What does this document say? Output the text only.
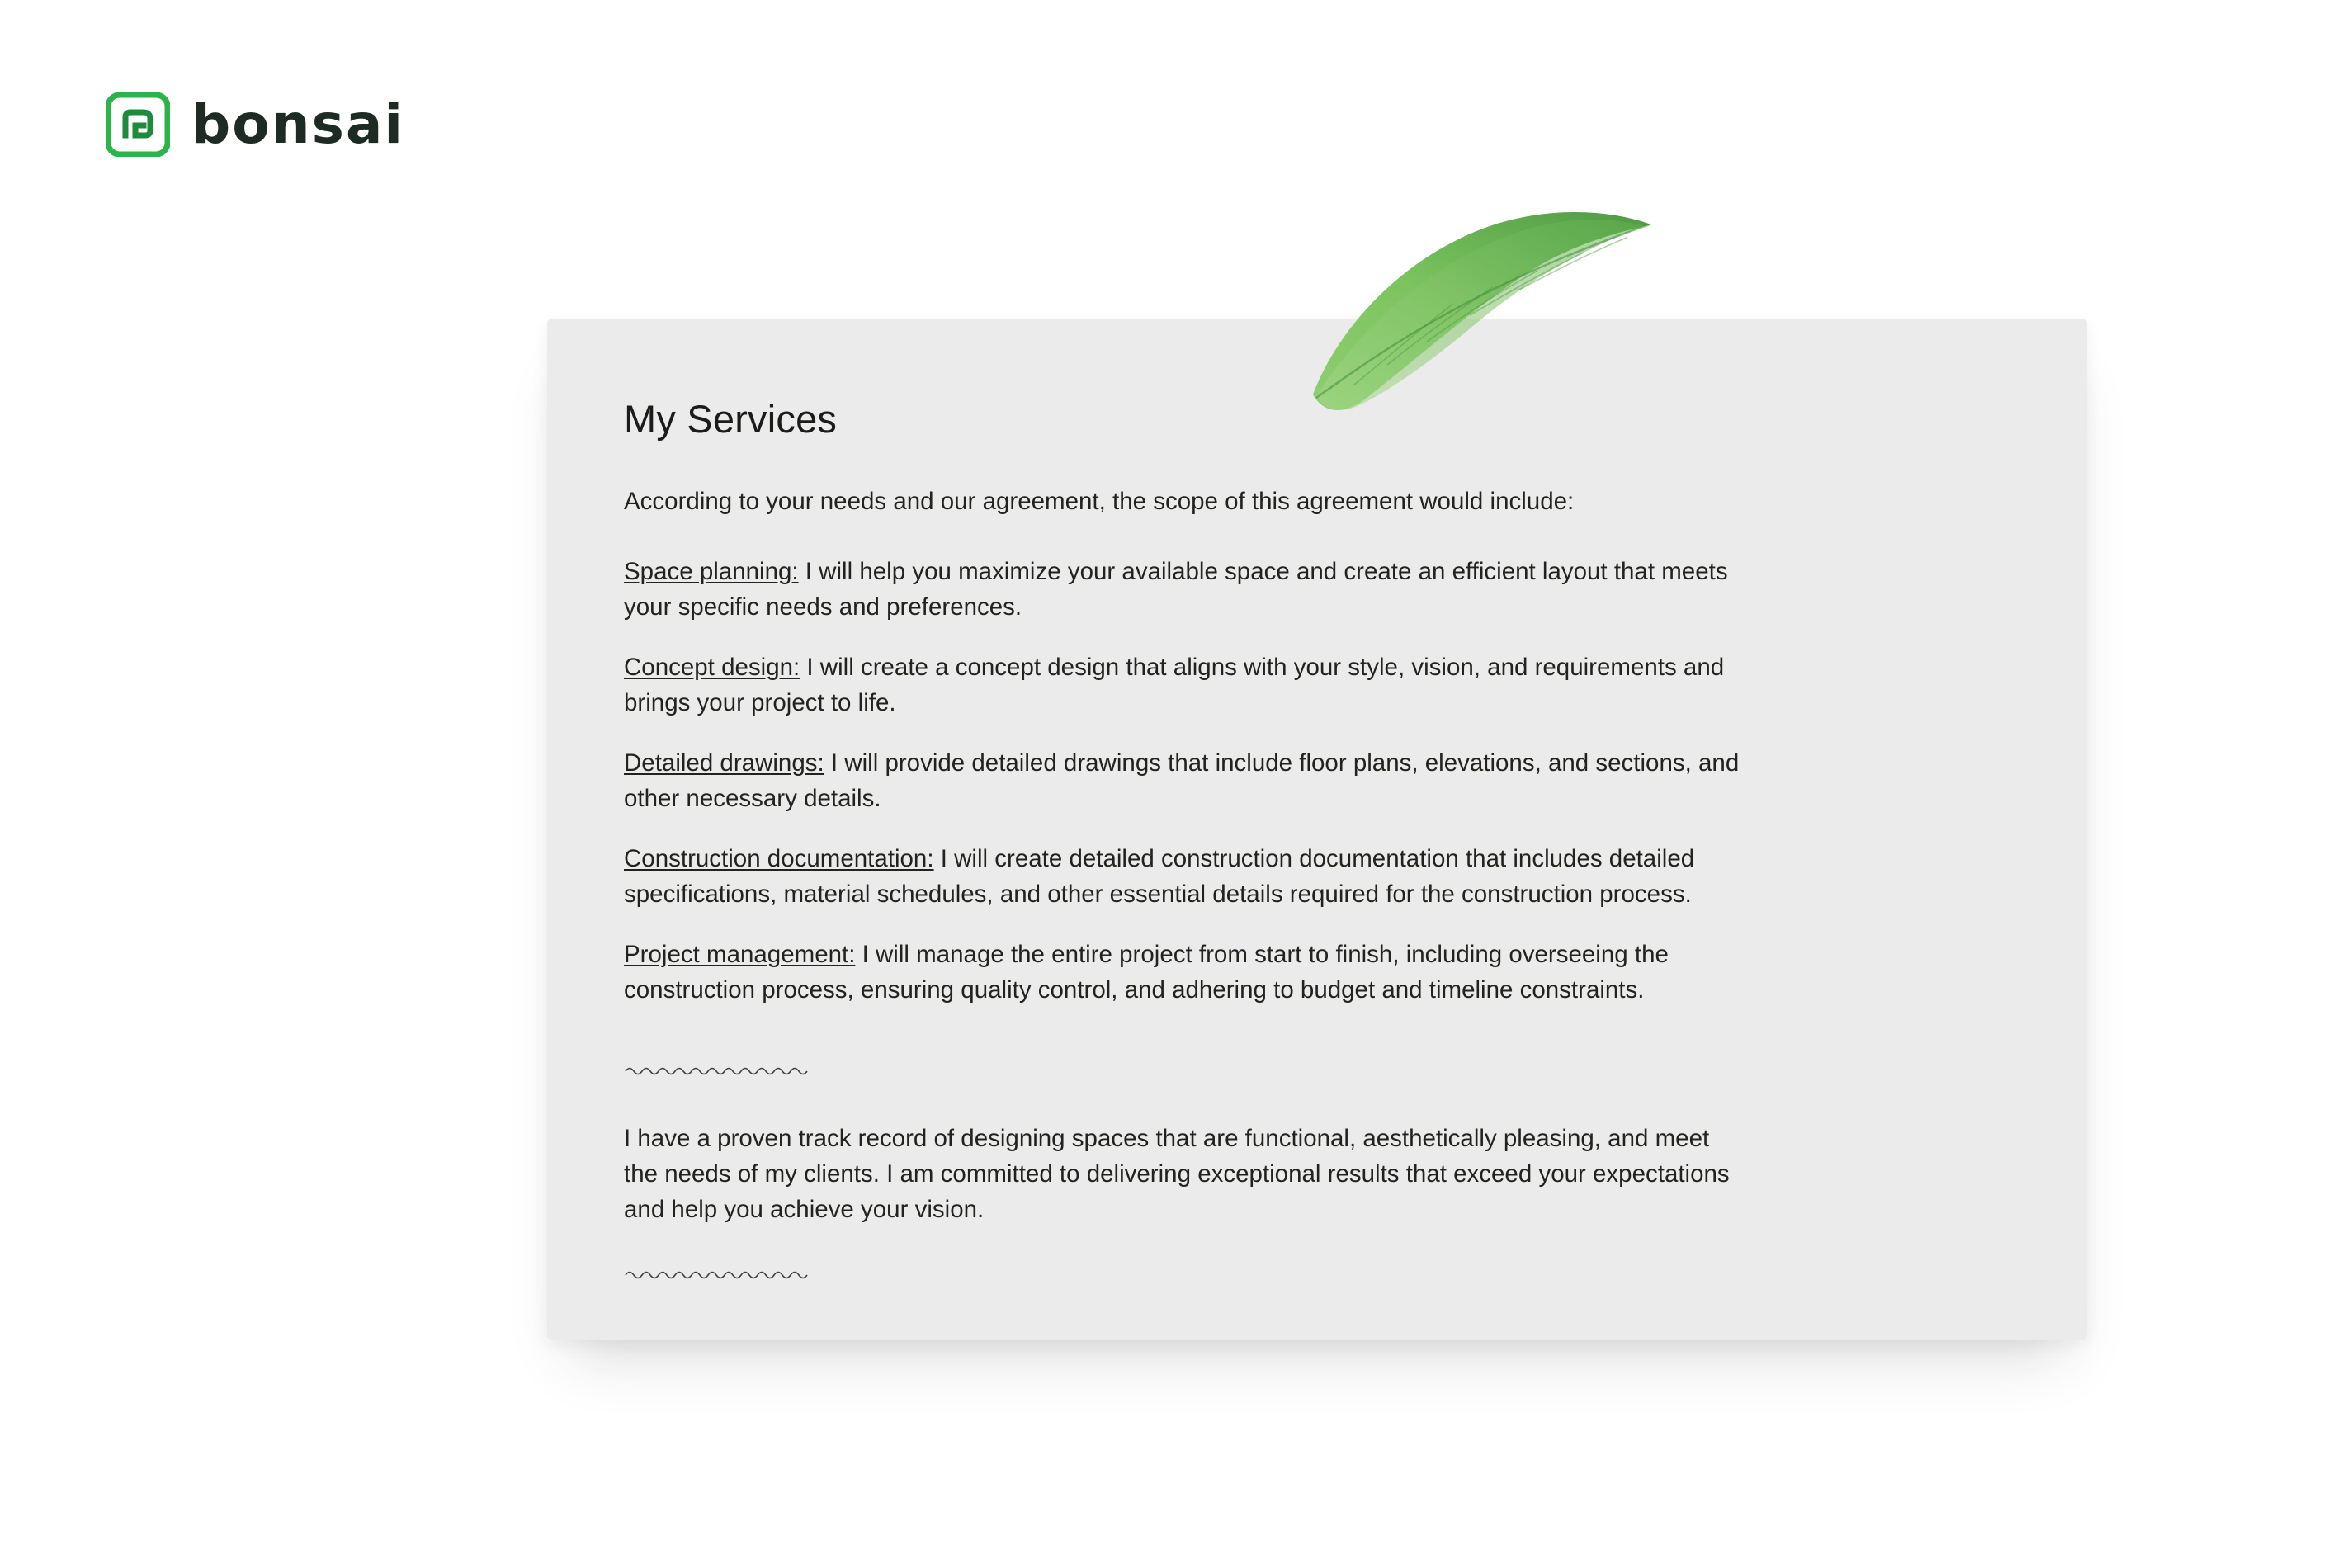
bonsai
My Services

According to your needs and our agreement, the scope of this agreement would include:

Space planning: I will help you maximize your available space and create an efficient layout that meets your specific needs and preferences.

Concept design: I will create a concept design that aligns with your style, vision, and requirements and brings your project to life.

Detailed drawings: I will provide detailed drawings that include floor plans, elevations, and sections, and other necessary details.

Construction documentation: I will create detailed construction documentation that includes detailed specifications, material schedules, and other essential details required for the construction process.

Project management: I will manage the entire project from start to finish, including overseeing the construction process, ensuring quality control, and adhering to budget and timeline constraints.

I have a proven track record of designing spaces that are functional, aesthetically pleasing, and meet the needs of my clients. I am committed to delivering exceptional results that exceed your expectations and help you achieve your vision.
